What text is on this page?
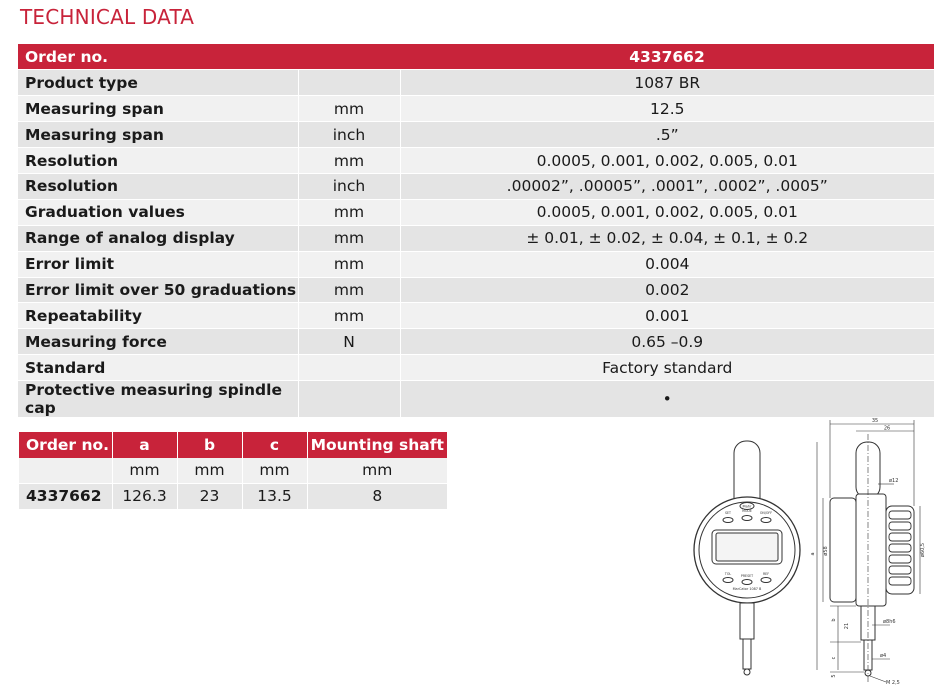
TECHNICAL DATA
Order no.		4337662
Product type		1087 BR
Measuring span	mm	12.5
Measuring span	inch	.5”
Resolution	mm	0.0005, 0.001, 0.002, 0.005, 0.01
Resolution	inch	.00002”, .00005”, .0001”, .0002”, .0005”
Graduation values	mm	0.0005, 0.001, 0.002, 0.005, 0.01
Range of analog display	mm	± 0.01, ± 0.02, ± 0.04, ± 0.1, ± 0.2
Error limit	mm	0.004
Error limit over 50 graduations	mm	0.002
Repeatability	mm	0.001
Measuring force	N	0.65 –0.9
Standard		Factory standard
Protective measuring spindle cap		•
Order no.	a	b	c	Mounting shaft
	mm	mm	mm	mm
4337662	126.3	23	13.5	8
Mahr
SET	MODE	ON/OFF
TOL	PRESET	REF
MarCator 1087 B
35
26
ø12
ø58	ø60,5
a
b
c
21
5
ø8h6
ø4
M 2,5
